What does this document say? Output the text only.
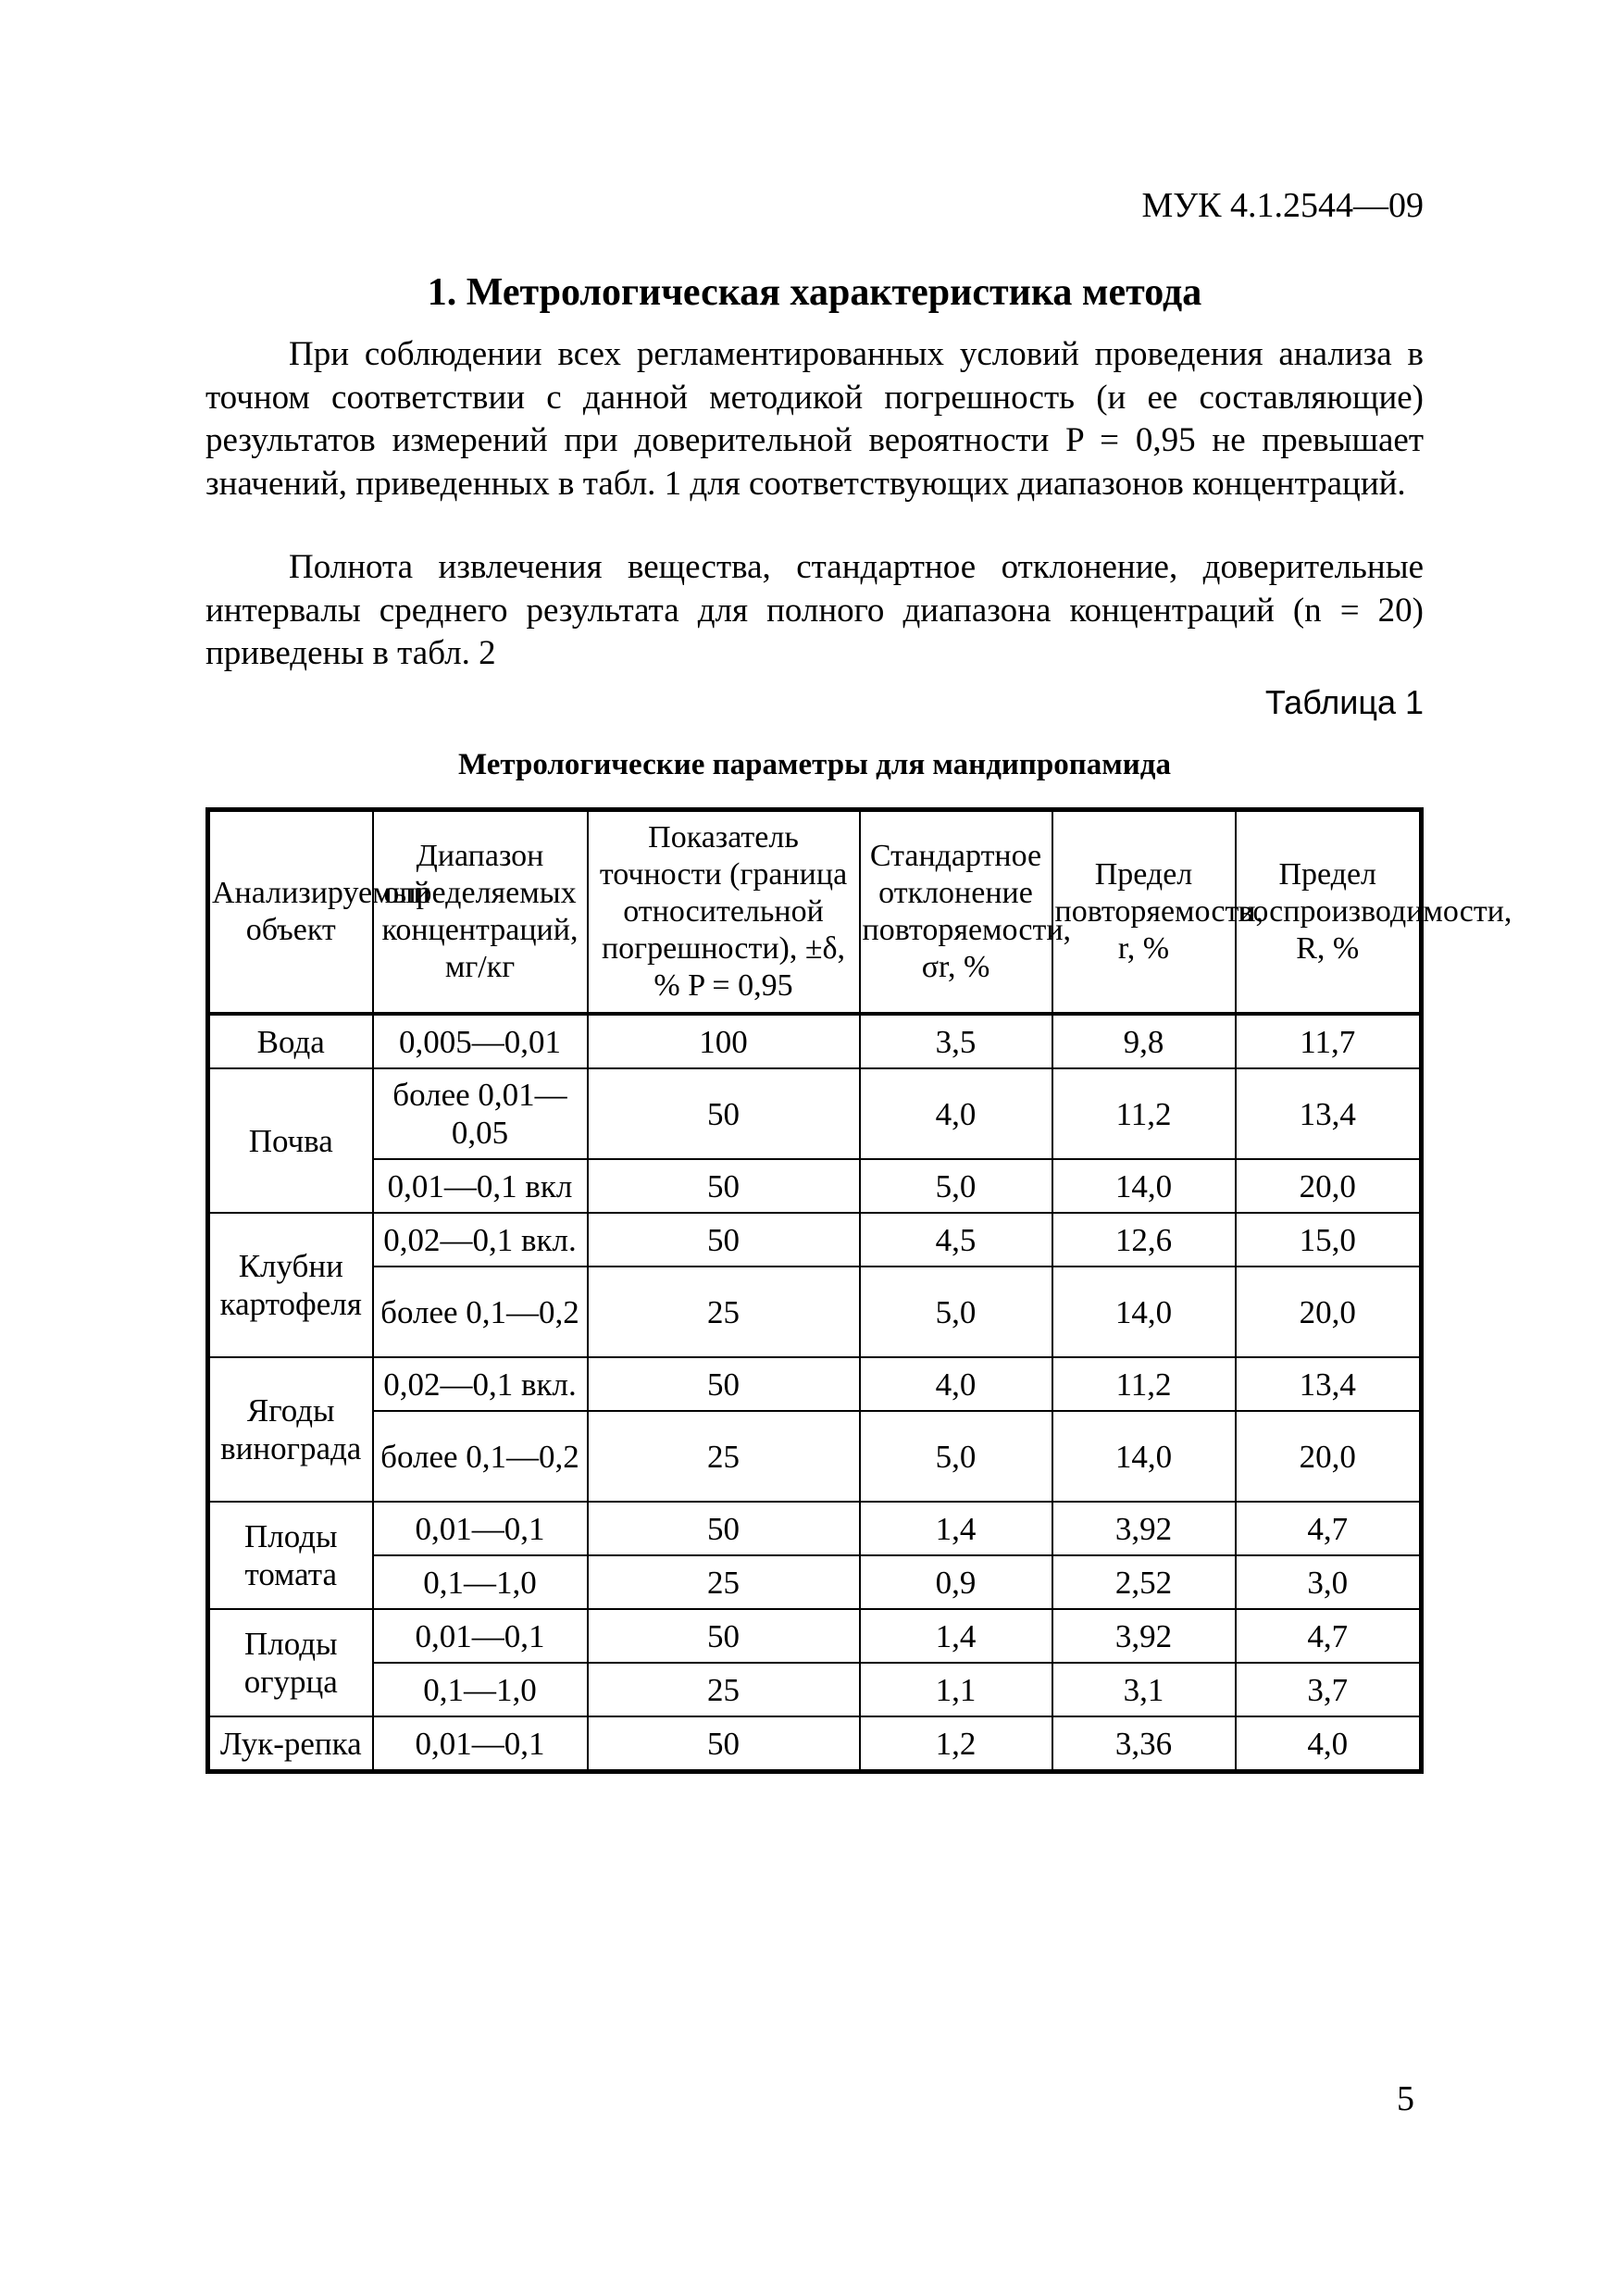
МУК 4.1.2544—09
1. Метрологическая характеристика метода

При соблюдении всех регламентированных условий проведения анализа в точном соответствии с данной методикой погрешность (и ее составляющие) результатов измерений при доверительной вероятности P = 0,95 не превышает значений, приведенных в табл. 1 для соответствующих диапазонов концентраций.

Полнота извлечения вещества, стандартное отклонение, доверительные интервалы среднего результата для полного диапазона концентраций (n = 20) приведены в табл. 2

Таблица 1
Метрологические параметры для мандипропамида
Анализируемый объект	Диапазон определяемых концентраций, мг/кг	Показатель точности (граница относительной погрешности), ±δ, % P = 0,95	Стандартное отклонение повторяемости, σr, %	Предел повторяемости, r, %	Предел воспроизводимости, R, %
Вода	0,005—0,01	100	3,5	9,8	11,7
Почва	более 0,01—0,05	50	4,0	11,2	13,4
	0,01—0,1 вкл	50	5,0	14,0	20,0
Клубни картофеля	0,02—0,1 вкл.	50	4,5	12,6	15,0
	более 0,1—0,2	25	5,0	14,0	20,0
Ягоды винограда	0,02—0,1 вкл.	50	4,0	11,2	13,4
	более 0,1—0,2	25	5,0	14,0	20,0
Плоды томата	0,01—0,1	50	1,4	3,92	4,7
	0,1—1,0	25	0,9	2,52	3,0
Плоды огурца	0,01—0,1	50	1,4	3,92	4,7
	0,1—1,0	25	1,1	3,1	3,7
Лук-репка	0,01—0,1	50	1,2	3,36	4,0
5
